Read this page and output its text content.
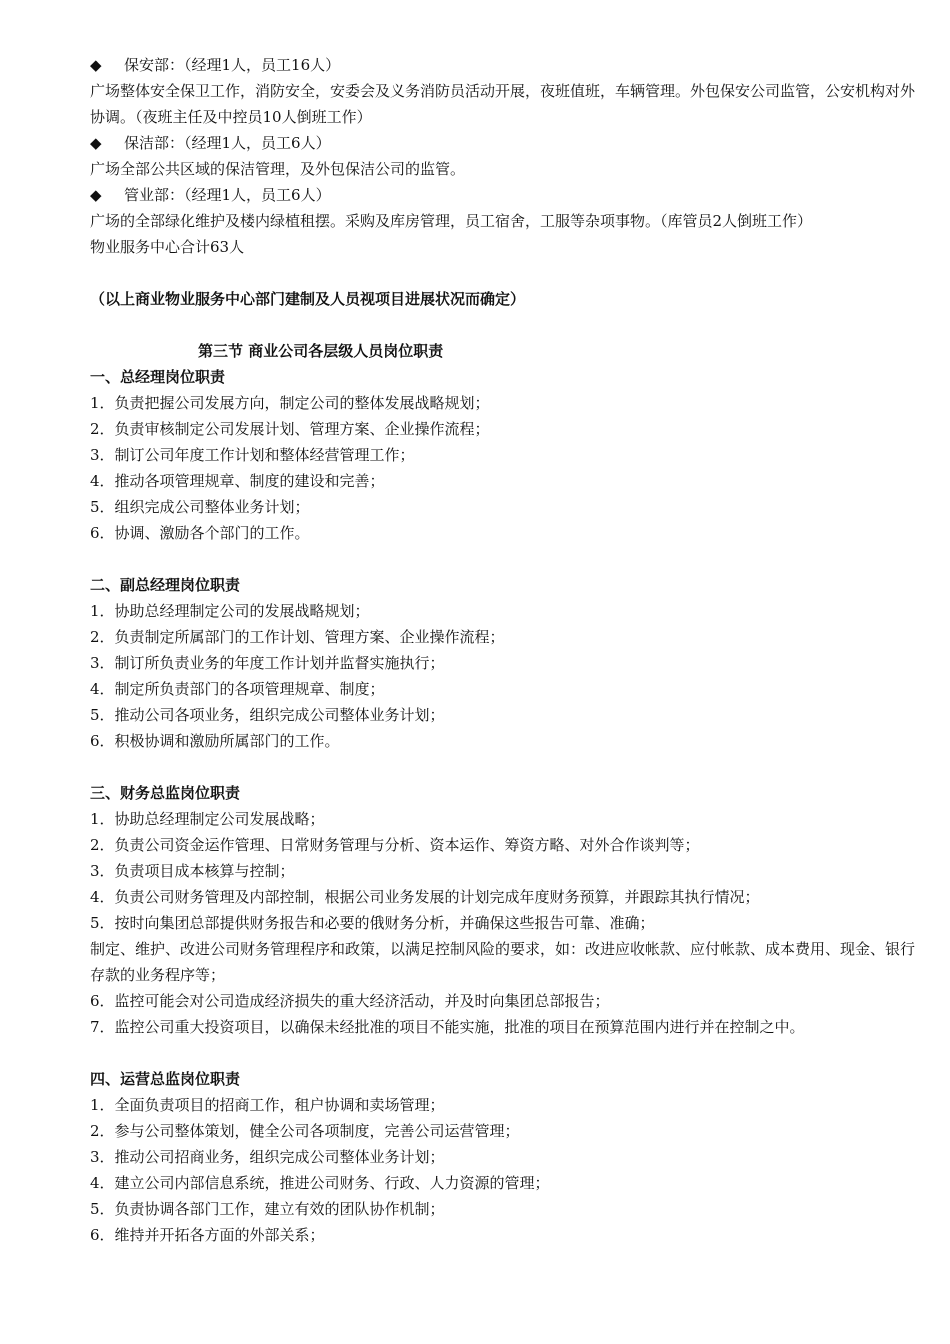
◆ 保安部：（经理1人，员工16人）
广场整体安全保卫工作，消防安全，安委会及义务消防员活动开展，夜班值班，车辆管理。外包保安公司监管，公安机构对外协调。（夜班主任及中控员10人倒班工作）
◆ 保洁部：（经理1人，员工6人）
广场全部公共区域的保洁管理，及外包保洁公司的监管。
◆ 管业部：（经理1人，员工6人）
广场的全部绿化维护及楼内绿植租摆。采购及库房管理，员工宿舍，工服等杂项事物。（库管员2人倒班工作）
物业服务中心合计63人
（以上商业物业服务中心部门建制及人员视项目进展状况而确定）
第三节 商业公司各层级人员岗位职责
一、总经理岗位职责
1．负责把握公司发展方向，制定公司的整体发展战略规划；
2．负责审核制定公司发展计划、管理方案、企业操作流程；
3．制订公司年度工作计划和整体经营管理工作；
4．推动各项管理规章、制度的建设和完善；
5．组织完成公司整体业务计划；
6．协调、激励各个部门的工作。
二、副总经理岗位职责
1．协助总经理制定公司的发展战略规划；
2．负责制定所属部门的工作计划、管理方案、企业操作流程；
3．制订所负责业务的年度工作计划并监督实施执行；
4．制定所负责部门的各项管理规章、制度；
5．推动公司各项业务，组织完成公司整体业务计划；
6．积极协调和激励所属部门的工作。
三、财务总监岗位职责
1．协助总经理制定公司发展战略；
2．负责公司资金运作管理、日常财务管理与分析、资本运作、筹资方略、对外合作谈判等；
3．负责项目成本核算与控制；
4．负责公司财务管理及内部控制，根据公司业务发展的计划完成年度财务预算，并跟踪其执行情况；
5．按时向集团总部提供财务报告和必要的俄财务分析，并确保这些报告可靠、准确；
制定、维护、改进公司财务管理程序和政策，以满足控制风险的要求，如：改进应收帐款、应付帐款、成本费用、现金、银行存款的业务程序等；
6．监控可能会对公司造成经济损失的重大经济活动，并及时向集团总部报告；
7．监控公司重大投资项目，以确保未经批准的项目不能实施，批准的项目在预算范围内进行并在控制之中。
四、运营总监岗位职责
1．全面负责项目的招商工作，租户协调和卖场管理；
2．参与公司整体策划，健全公司各项制度，完善公司运营管理；
3．推动公司招商业务，组织完成公司整体业务计划；
4．建立公司内部信息系统，推进公司财务、行政、人力资源的管理；
5．负责协调各部门工作，建立有效的团队协作机制；
6．维持并开拓各方面的外部关系；
